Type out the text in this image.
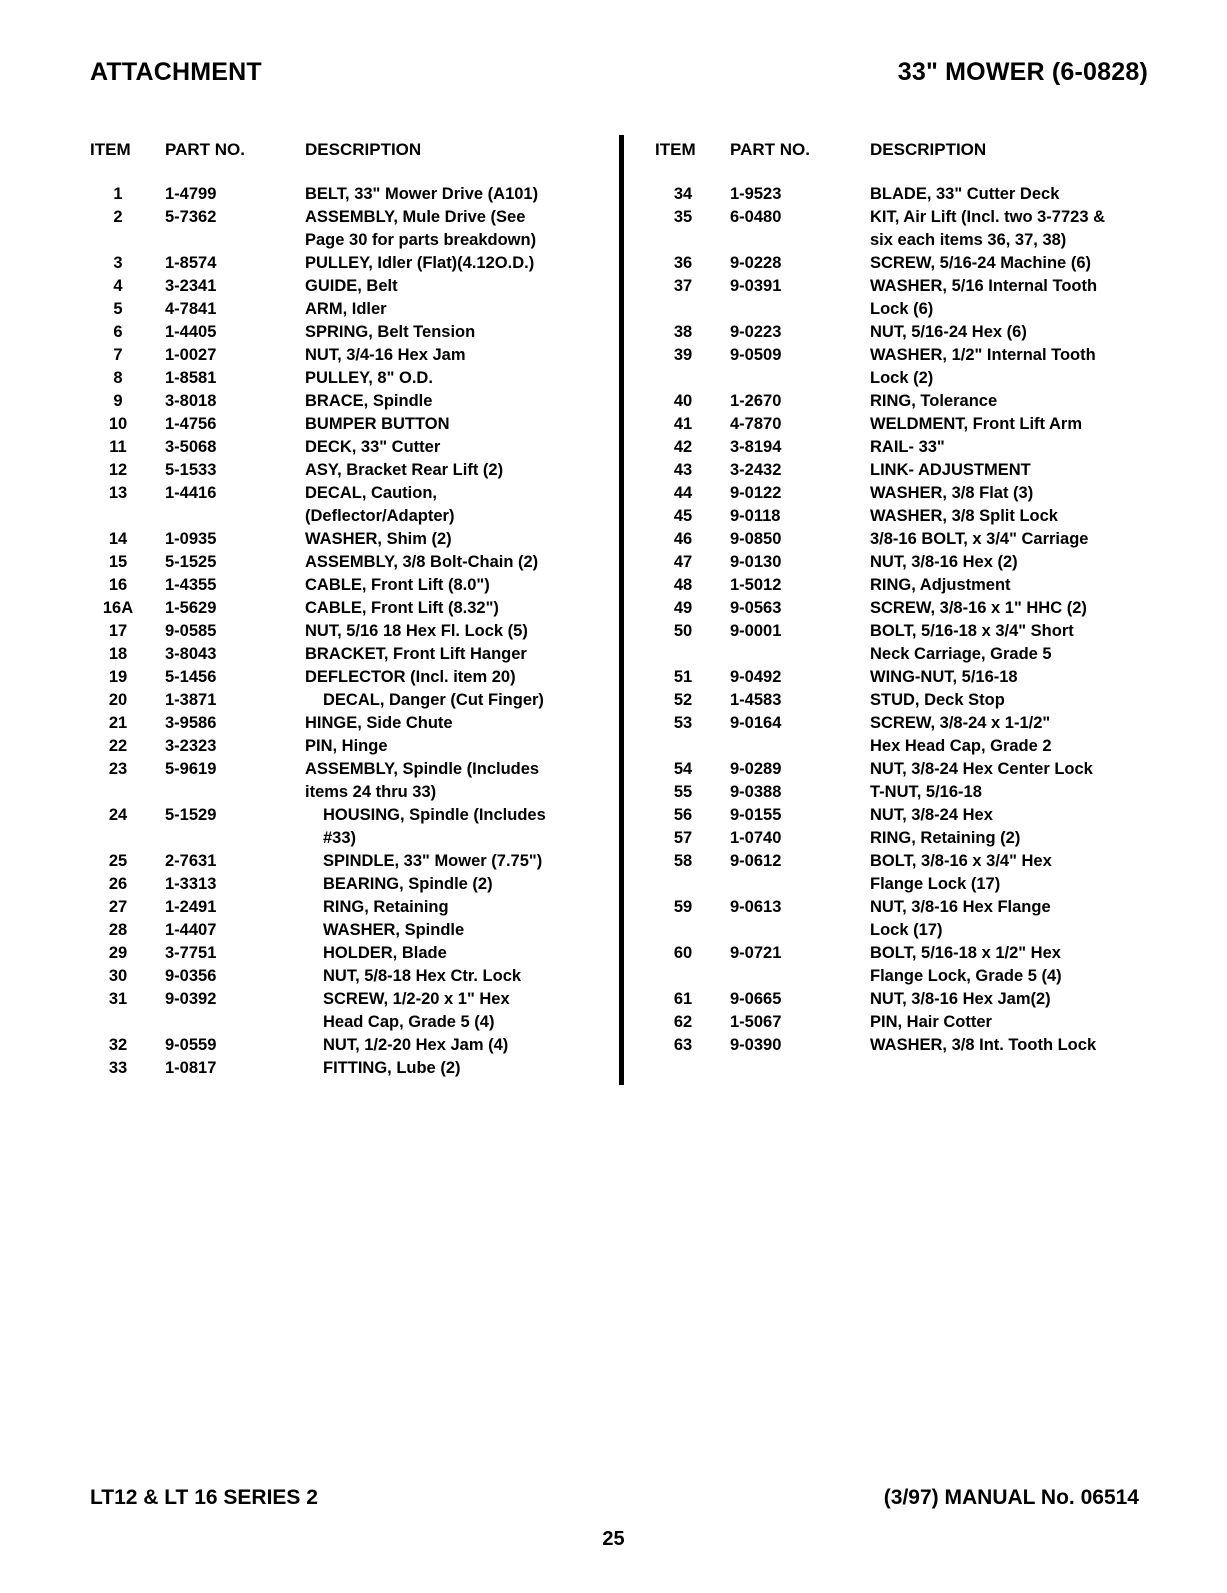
ATTACHMENT	33" MOWER (6-0828)
ITEM	PART NO.	DESCRIPTION
1	1-4799	BELT, 33" Mower Drive (A101)
2	5-7362	ASSEMBLY, Mule Drive (See
Page 30 for parts breakdown)
3	1-8574	PULLEY, Idler (Flat)(4.12O.D.)
4	3-2341	GUIDE, Belt
5	4-7841	ARM, Idler
6	1-4405	SPRING, Belt Tension
7	1-0027	NUT, 3/4-16 Hex Jam
8	1-8581	PULLEY, 8" O.D.
9	3-8018	BRACE, Spindle
10	1-4756	BUMPER BUTTON
11	3-5068	DECK, 33" Cutter
12	5-1533	ASY, Bracket Rear Lift (2)
13	1-4416	DECAL, Caution,
(Deflector/Adapter)
14	1-0935	WASHER, Shim (2)
15	5-1525	ASSEMBLY, 3/8 Bolt-Chain (2)
16	1-4355	CABLE, Front Lift (8.0")
16A	1-5629	CABLE, Front Lift (8.32")
17	9-0585	NUT, 5/16 18 Hex Fl. Lock (5)
18	3-8043	BRACKET, Front Lift Hanger
19	5-1456	DEFLECTOR (Incl. item 20)
20	1-3871	DECAL, Danger (Cut Finger)
21	3-9586	HINGE, Side Chute
22	3-2323	PIN, Hinge
23	5-9619	ASSEMBLY, Spindle (Includes
items 24 thru 33)
24	5-1529	HOUSING, Spindle (Includes
#33)
25	2-7631	SPINDLE, 33" Mower (7.75")
26	1-3313	BEARING, Spindle (2)
27	1-2491	RING, Retaining
28	1-4407	WASHER, Spindle
29	3-7751	HOLDER, Blade
30	9-0356	NUT, 5/8-18 Hex Ctr. Lock
31	9-0392	SCREW, 1/2-20 x 1" Hex
Head Cap, Grade 5 (4)
32	9-0559	NUT, 1/2-20 Hex Jam (4)
33	1-0817	FITTING, Lube (2)
ITEM	PART NO.	DESCRIPTION
34	1-9523	BLADE, 33" Cutter Deck
35	6-0480	KIT, Air Lift (Incl. two 3-7723 &
six each items 36, 37, 38)
36	9-0228	SCREW, 5/16-24 Machine (6)
37	9-0391	WASHER, 5/16 Internal Tooth
Lock (6)
38	9-0223	NUT, 5/16-24 Hex (6)
39	9-0509	WASHER, 1/2" Internal Tooth
Lock (2)
40	1-2670	RING, Tolerance
41	4-7870	WELDMENT, Front Lift Arm
42	3-8194	RAIL- 33"
43	3-2432	LINK- ADJUSTMENT
44	9-0122	WASHER, 3/8 Flat (3)
45	9-0118	WASHER, 3/8 Split Lock
46	9-0850	3/8-16 BOLT, x 3/4" Carriage
47	9-0130	NUT, 3/8-16 Hex (2)
48	1-5012	RING, Adjustment
49	9-0563	SCREW, 3/8-16 x 1" HHC (2)
50	9-0001	BOLT, 5/16-18 x 3/4" Short
Neck Carriage, Grade 5
51	9-0492	WING-NUT, 5/16-18
52	1-4583	STUD, Deck Stop
53	9-0164	SCREW, 3/8-24 x 1-1/2"
Hex Head Cap, Grade 2
54	9-0289	NUT, 3/8-24 Hex Center Lock
55	9-0388	T-NUT, 5/16-18
56	9-0155	NUT, 3/8-24 Hex
57	1-0740	RING, Retaining (2)
58	9-0612	BOLT, 3/8-16 x 3/4" Hex
Flange Lock (17)
59	9-0613	NUT, 3/8-16 Hex Flange
Lock (17)
60	9-0721	BOLT, 5/16-18 x 1/2" Hex
Flange Lock, Grade 5 (4)
61	9-0665	NUT, 3/8-16 Hex Jam(2)
62	1-5067	PIN, Hair Cotter
63	9-0390	WASHER, 3/8 Int. Tooth Lock
LT12 & LT 16 SERIES 2	(3/97) MANUAL No. 06514
25
